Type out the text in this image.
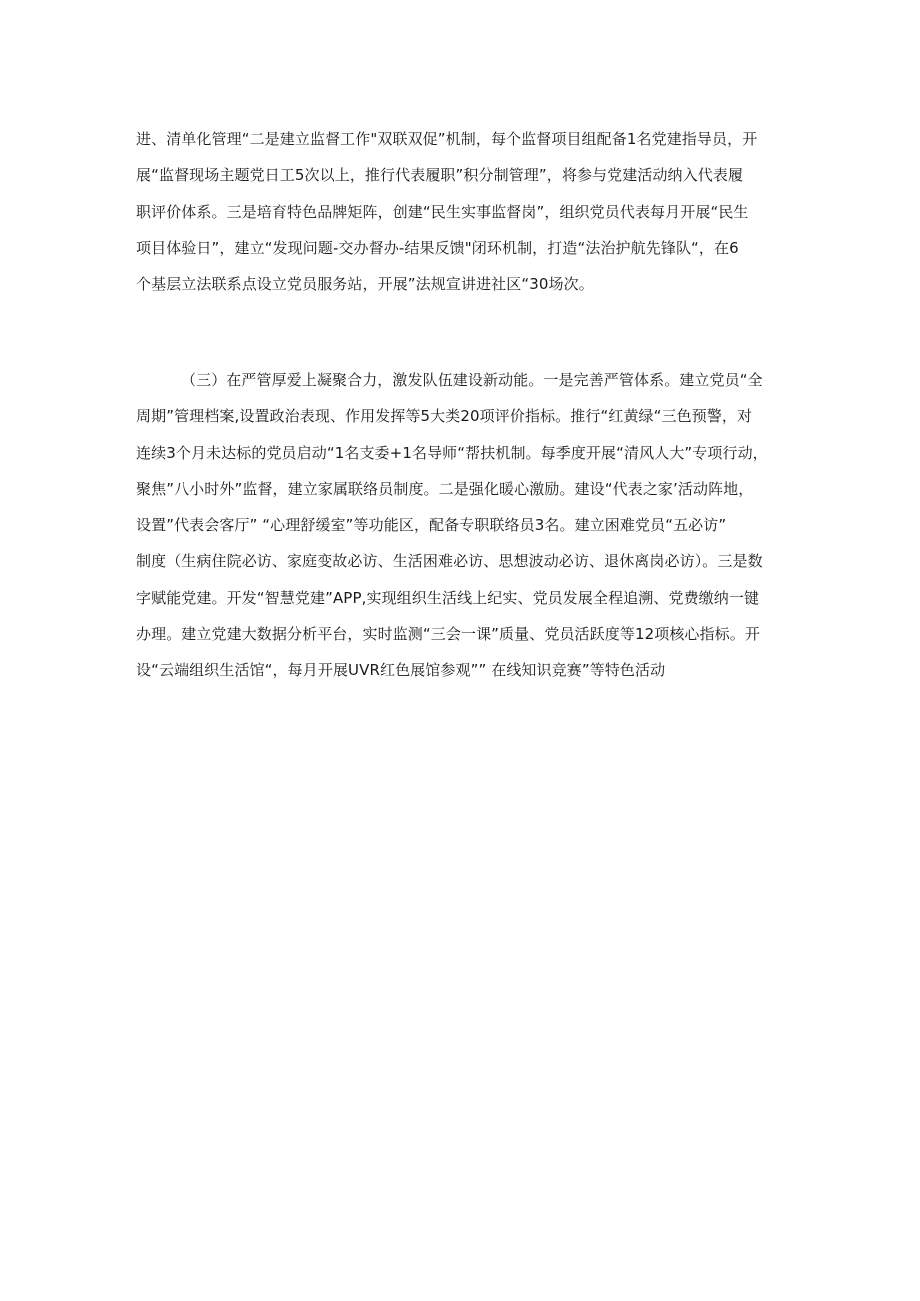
进、清单化管理“二是建立监督工作"双联双促”机制，每个监督项目组配备1名党建指导员，开
展“监督现场主题党日工5次以上，推行代表履职”积分制管理”，将参与党建活动纳入代表履
职评价体系。三是培育特色品牌矩阵，创建“民生实事监督岗”，组织党员代表每月开展“民生
项目体验日”，建立“发现问题-交办督办-结果反馈"闭环机制，打造“法治护航先锋队“，在6
个基层立法联系点设立党员服务站，开展”法规宣讲进社区“30场次。
（三）在严管厚爱上凝聚合力，激发队伍建设新动能。一是完善严管体系。建立党员“全
周期”管理档案,设置政治表现、作用发挥等5大类20项评价指标。推行“红黄绿“三色预警，对
连续3个月未达标的党员启动“1名支委+1名导师“帮扶机制。每季度开展“清风人大”专项行动，
聚焦”八小时外”监督，建立家属联络员制度。二是强化暖心激励。建设“代表之家’活动阵地，
设置”代表会客厅” “心理舒缓室”等功能区，配备专职联络员3名。建立困难党员“五必访”
制度（生病住院必访、家庭变故必访、生活困难必访、思想波动必访、退休离岗必访）。三是数
字赋能党建。开发“智慧党建”APP,实现组织生活线上纪实、党员发展全程追溯、党费缴纳一键
办理。建立党建大数据分析平台，实时监测“三会一课”质量、党员活跃度等12项核心指标。开
设“云端组织生活馆“，每月开展UVR红色展馆参观”” 在线知识竞赛”等特色活动
